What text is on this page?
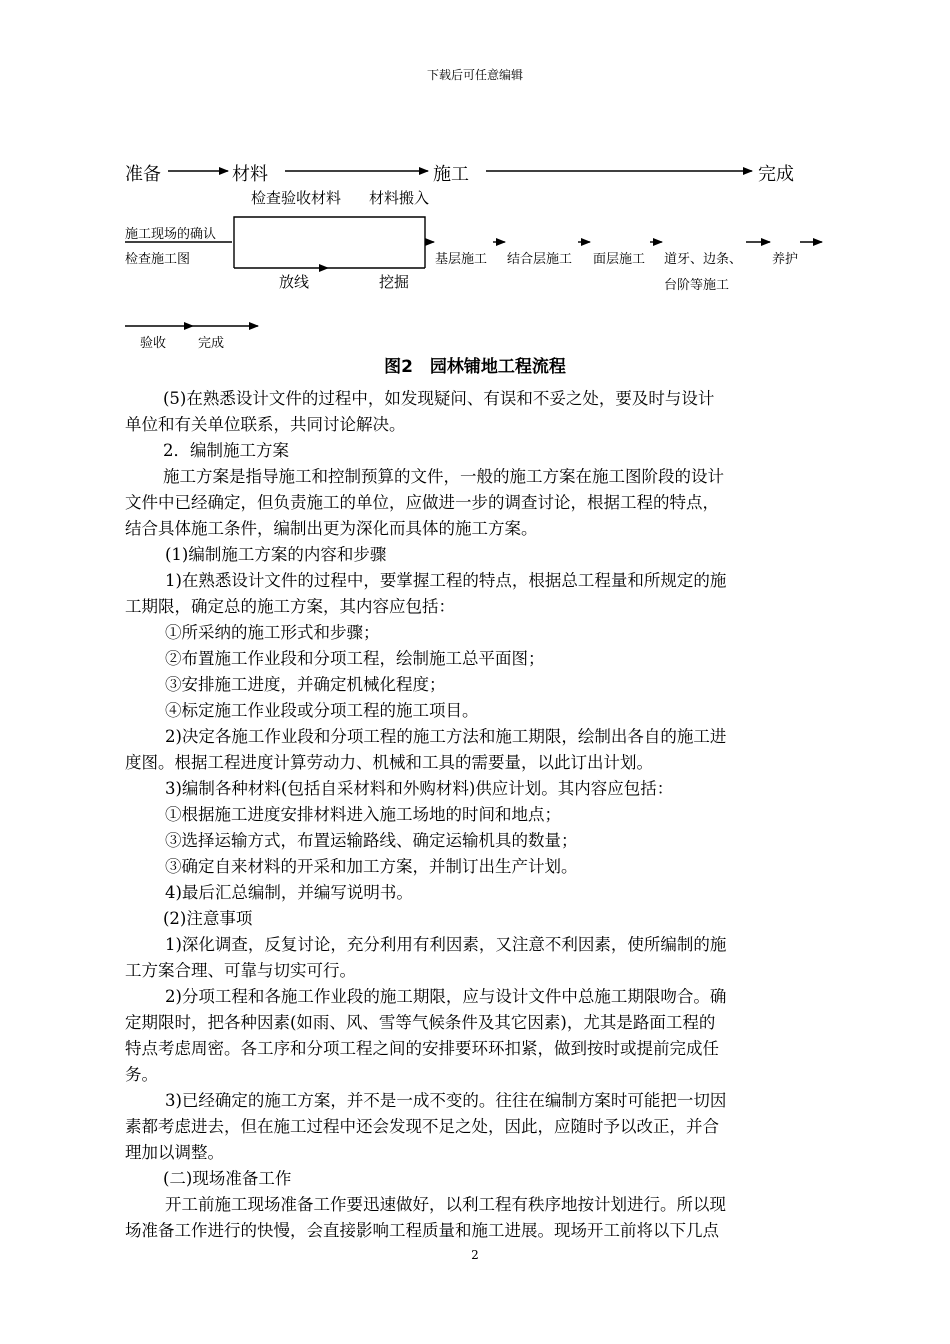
下载后可任意编辑
准备	材料	施工	完成
检查验收材料 材料搬入
施工现场的确认
检查施工图
放线	挖掘
基层施工 结合层施工 面层施工 道牙、边条、
台阶等施工
养护
验收 完成
图2　园林铺地工程流程

(5)在熟悉设计文件的过程中，如发现疑问、有误和不妥之处，要及时与设计

单位和有关单位联系，共同讨论解决。

2．编制施工方案

施工方案是指导施工和控制预算的文件，一般的施工方案在施工图阶段的设计

文件中已经确定，但负责施工的单位，应做进一步的调查讨论，根据工程的特点，

结合具体施工条件，编制出更为深化而具体的施工方案。

(1)编制施工方案的内容和步骤

1)在熟悉设计文件的过程中，要掌握工程的特点，根据总工程量和所规定的施

工期限，确定总的施工方案，其内容应包括：

①所采纳的施工形式和步骤；

②布置施工作业段和分项工程，绘制施工总平面图；

③安排施工进度，并确定机械化程度；

④标定施工作业段或分项工程的施工项目。

2)决定各施工作业段和分项工程的施工方法和施工期限，绘制出各自的施工进

度图。根据工程进度计算劳动力、机械和工具的需要量，以此订出计划。

3)编制各种材料(包括自采材料和外购材料)供应计划。其内容应包括：

①根据施工进度安排材料进入施工场地的时间和地点；

③选择运输方式，布置运输路线、确定运输机具的数量；

③确定自来材料的开采和加工方案，并制订出生产计划。

4)最后汇总编制，并编写说明书。

(2)注意事项

1)深化调查，反复讨论，充分利用有利因素，又注意不利因素，使所编制的施

工方案合理、可靠与切实可行。

2)分项工程和各施工作业段的施工期限，应与设计文件中总施工期限吻合。确

定期限时，把各种因素(如雨、风、雪等气候条件及其它因素)，尤其是路面工程的

特点考虑周密。各工序和分项工程之间的安排要环环扣紧，做到按时或提前完成任

务。

3)已经确定的施工方案，并不是一成不变的。往往在编制方案时可能把一切因

素都考虑进去，但在施工过程中还会发现不足之处，因此，应随时予以改正，并合

理加以调整。

(二)现场准备工作

开工前施工现场准备工作要迅速做好，以利工程有秩序地按计划进行。所以现

场准备工作进行的快慢，会直接影响工程质量和施工进展。现场开工前将以下几点

2
